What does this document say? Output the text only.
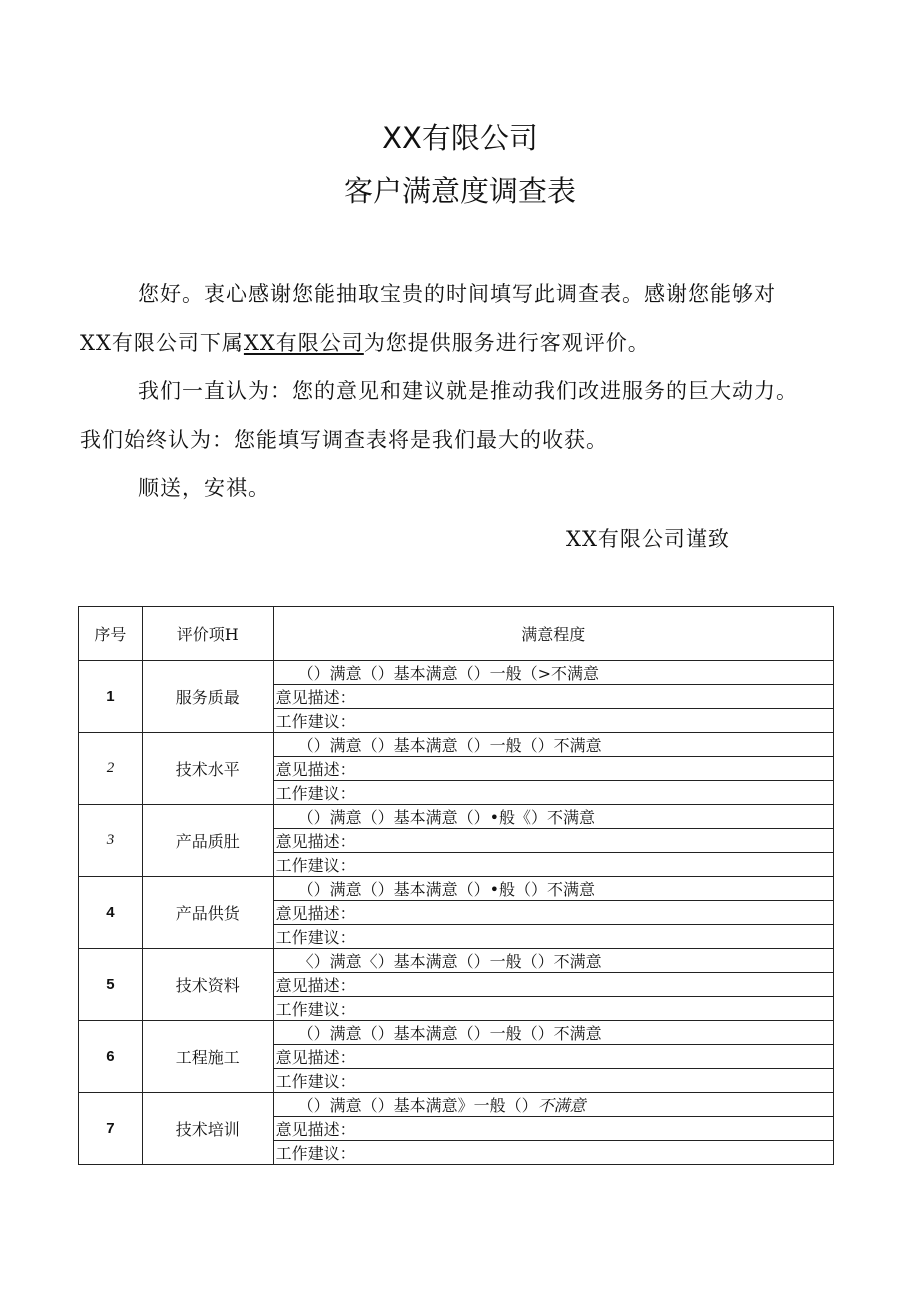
XX有限公司
客户满意度调查表
您好。衷心感谢您能抽取宝贵的时间填写此调查表。感谢您能够对
XX有限公司下属XX有限公司为您提供服务进行客观评价。
我们一直认为：您的意见和建议就是推动我们改进服务的巨大动力。
我们始终认为：您能填写调查表将是我们最大的收获。
顺送，安祺。
XX有限公司谨致
序号	评价项H	满意程度
1	服务质最	（）满意（）基本满意（）一般（>不满意
		意见描述：
		工作建议：
2	技术水平	（）满意（）基本满意（）一般（）不满意
		意见描述：
		工作建议：
3	产品质肚	（）满意（）基本满意（）•般《）不满意
		意见描述：
		工作建议：
4	产品供货	（）满意（）基本满意（）•般（）不满意
		意见描述：
		工作建议：
5	技术资料	〈）满意〈）基本满意（）一般（）不满意
		意见描述：
		工作建议：
6	工程施工	（）满意（）基本满意（）一般（）不满意
		意见描述：
		工作建议：
7	技术培训	（）满意（）基本满意》一般（）不满意
		意见描述：
		工作建议：
